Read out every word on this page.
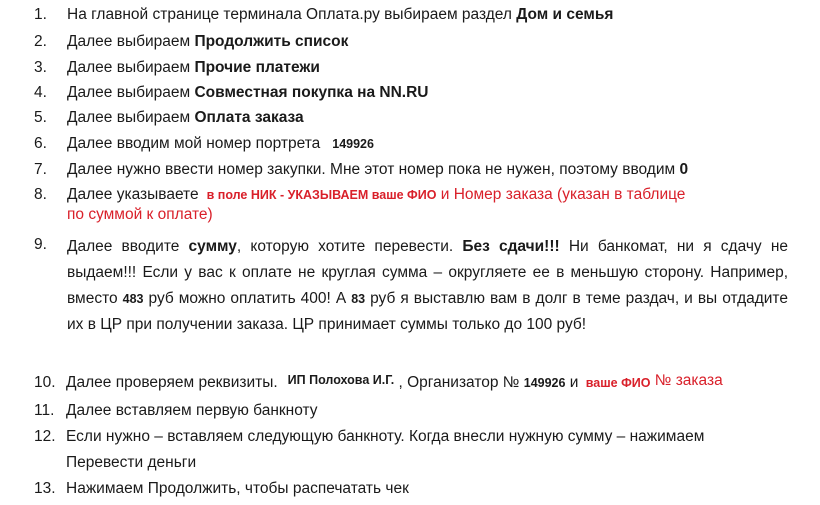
1. На главной странице терминала Оплата.ру выбираем раздел Дом и семья
2. Далее выбираем Продолжить список
3. Далее выбираем Прочие платежи
4. Далее выбираем Совместная покупка на NN.RU
5. Далее выбираем Оплата заказа
6. Далее вводим мой номер портрета 149926
7. Далее нужно ввести номер закупки. Мне этот номер пока не нужен, поэтому вводим 0
8. Далее указываете в поле НИК - УКАЗЫВАЕМ ваше ФИО и Номер заказа (указан в таблице
по суммой к оплате)
9. Далее вводите сумму, которую хотите перевести. Без сдачи!!! Ни банкомат, ни я сдачу не выдаем!!! Если у вас к оплате не круглая сумма – округляете ее в меньшую сторону. Например, вместо 483 руб можно оплатить 400! А 83 руб я выставлю вам в долг в теме раздач, и вы отдадите их в ЦР при получении заказа. ЦР принимает суммы только до 100 руб!
10. Далее проверяем реквизиты. ИП Полохова И.Г. , Организатор № 149926 и ваше ФИО № заказа
11. Далее вставляем первую банкноту
12. Если нужно – вставляем следующую банкноту. Когда внесли нужную сумму – нажимаем
Перевести деньги
13. Нажимаем Продолжить, чтобы распечатать чек
